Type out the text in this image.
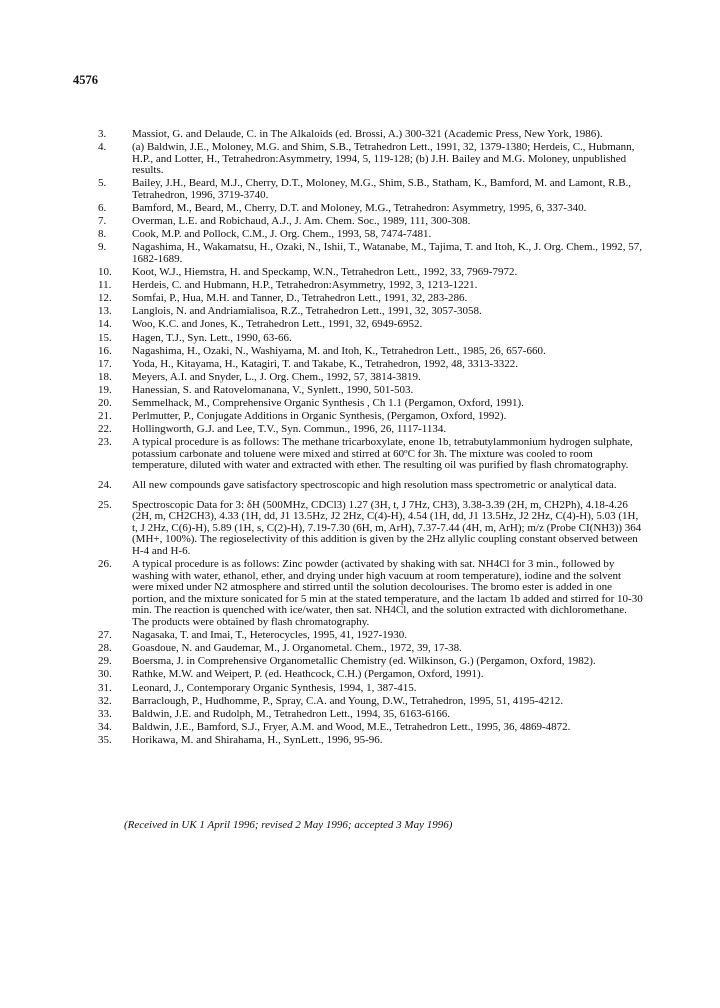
4576
3.	Massiot, G. and Delaude, C. in The Alkaloids (ed. Brossi, A.) 300-321 (Academic Press, New York, 1986).
4.	(a) Baldwin, J.E., Moloney, M.G. and Shim, S.B., Tetrahedron Lett., 1991, 32, 1379-1380; Herdeis, C., Hubmann, H.P., and Lotter, H., Tetrahedron:Asymmetry, 1994, 5, 119-128; (b) J.H. Bailey and M.G. Moloney, unpublished results.
5.	Bailey, J.H., Beard, M.J., Cherry, D.T., Moloney, M.G., Shim, S.B., Statham, K., Bamford, M. and Lamont, R.B., Tetrahedron, 1996, 3719-3740.
6.	Bamford, M., Beard, M., Cherry, D.T. and Moloney, M.G., Tetrahedron: Asymmetry, 1995, 6, 337-340.
7.	Overman, L.E. and Robichaud, A.J., J. Am. Chem. Soc., 1989, 111, 300-308.
8.	Cook, M.P. and Pollock, C.M., J. Org. Chem., 1993, 58, 7474-7481.
9.	Nagashima, H., Wakamatsu, H., Ozaki, N., Ishii, T., Watanabe, M., Tajima, T. and Itoh, K., J. Org. Chem., 1992, 57, 1682-1689.
10.	Koot, W.J., Hiemstra, H. and Speckamp, W.N., Tetrahedron Lett., 1992, 33, 7969-7972.
11.	Herdeis, C. and Hubmann, H.P., Tetrahedron:Asymmetry, 1992, 3, 1213-1221.
12.	Somfai, P., Hua, M.H. and Tanner, D., Tetrahedron Lett., 1991, 32, 283-286.
13.	Langlois, N. and Andriamialisoa, R.Z., Tetrahedron Lett., 1991, 32, 3057-3058.
14.	Woo, K.C. and Jones, K., Tetrahedron Lett., 1991, 32, 6949-6952.
15.	Hagen, T.J., Syn. Lett., 1990, 63-66.
16.	Nagashima, H., Ozaki, N., Washiyama, M. and Itoh, K., Tetrahedron Lett., 1985, 26, 657-660.
17.	Yoda, H., Kitayama, H., Katagiri, T. and Takabe, K., Tetrahedron, 1992, 48, 3313-3322.
18.	Meyers, A.I. and Snyder, L., J. Org. Chem., 1992, 57, 3814-3819.
19.	Hanessian, S. and Ratovelomanana, V., Synlett., 1990, 501-503.
20.	Semmelhack, M., Comprehensive Organic Synthesis , Ch 1.1 (Pergamon, Oxford, 1991).
21.	Perlmutter, P., Conjugate Additions in Organic Synthesis, (Pergamon, Oxford, 1992).
22.	Hollingworth, G.J. and Lee, T.V., Syn. Commun., 1996, 26, 1117-1134.
23.	A typical procedure is as follows: The methane tricarboxylate, enone 1b, tetrabutylammonium hydrogen sulphate, potassium carbonate and toluene were mixed and stirred at 60ºC for 3h. The mixture was cooled to room temperature, diluted with water and extracted with ether. The resulting oil was purified by flash chromatography.
24.	All new compounds gave satisfactory spectroscopic and high resolution mass spectrometric or analytical data.
25.	Spectroscopic Data for 3: δH (500MHz, CDCl3) 1.27 (3H, t, J 7Hz, CH3), 3.38-3.39 (2H, m, CH2Ph), 4.18-4.26 (2H, m, CH2CH3), 4.33 (1H, dd, J1 13.5Hz, J2 2Hz, C(4)-H), 4.54 (1H, dd, J1 13.5Hz, J2 2Hz, C(4)-H), 5.03 (1H, t, J 2Hz, C(6)-H), 5.89 (1H, s, C(2)-H), 7.19-7.30 (6H, m, ArH), 7.37-7.44 (4H, m, ArH); m/z (Probe CI(NH3)) 364 (MH+, 100%). The regioselectivity of this addition is given by the 2Hz allylic coupling constant observed between H-4 and H-6.
26.	A typical procedure is as follows: Zinc powder (activated by shaking with sat. NH4Cl for 3 min., followed by washing with water, ethanol, ether, and drying under high vacuum at room temperature), iodine and the solvent were mixed under N2 atmosphere and stirred until the solution decolourises. The bromo ester is added in one portion, and the mixture sonicated for 5 min at the stated temperature, and the lactam 1b added and stirred for 10-30 min. The reaction is quenched with ice/water, then sat. NH4Cl, and the solution extracted with dichloromethane. The products were obtained by flash chromatography.
27.	Nagasaka, T. and Imai, T., Heterocycles, 1995, 41, 1927-1930.
28.	Goasdoue, N. and Gaudemar, M., J. Organometal. Chem., 1972, 39, 17-38.
29.	Boersma, J. in Comprehensive Organometallic Chemistry (ed. Wilkinson, G.) (Pergamon, Oxford, 1982).
30.	Rathke, M.W. and Weipert, P. (ed. Heathcock, C.H.) (Pergamon, Oxford, 1991).
31.	Leonard, J., Contemporary Organic Synthesis, 1994, 1, 387-415.
32.	Barraclough, P., Hudhomme, P., Spray, C.A. and Young, D.W., Tetrahedron, 1995, 51, 4195-4212.
33.	Baldwin, J.E. and Rudolph, M., Tetrahedron Lett., 1994, 35, 6163-6166.
34.	Baldwin, J.E., Bamford, S.J., Fryer, A.M. and Wood, M.E., Tetrahedron Lett., 1995, 36, 4869-4872.
35.	Horikawa, M. and Shirahama, H., SynLett., 1996, 95-96.
(Received in UK 1 April 1996; revised 2 May 1996; accepted 3 May 1996)
